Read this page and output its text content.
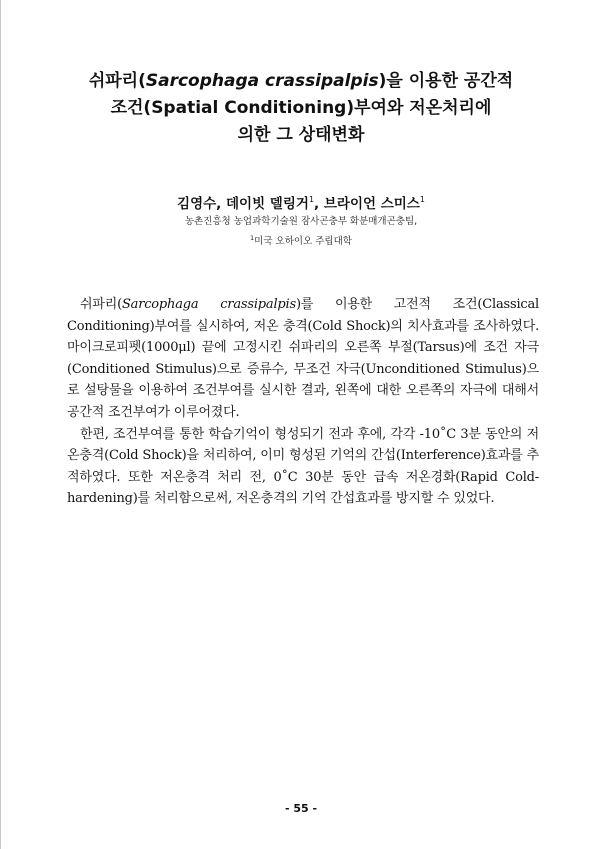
쉬파리(Sarcophaga crassipalpis)을 이용한 공간적
조건(Spatial Conditioning)부여와 저온처리에
의한 그 상태변화
김영수, 데이빗 델링거$^1$, 브라이언 스미스$^1$
농촌진흥청 농업과학기술원 잠사곤충부 화분매개곤충팀,
$^1$미국 오하이오 주립대학

쉬파리(Sarcophaga crassipalpis)를 이용한 고전적 조건(Classical Conditioning)부여를 실시하여, 저온 충격(Cold Shock)의 치사효과를 조사하였다. 마이크로피펫(1000μl) 끝에 고정시킨 쉬파리의 오른쪽 부절(Tarsus)에 조건 자극(Conditioned Stimulus)으로 증류수, 무조건 자극(Unconditioned Stimulus)으로 설탕물을 이용하여 조건부여를 실시한 결과, 왼쪽에 대한 오른쪽의 자극에 대해서 공간적 조건부여가 이루어졌다.

한편, 조건부여를 통한 학습기억이 형성되기 전과 후에, 각각 -10˚C 3분 동안의 저온충격(Cold Shock)을 처리하여, 이미 형성된 기억의 간섭(Interference)효과를 추적하였다. 또한 저온충격 처리 전, 0˚C 30분 동안 급속 저온경화(Rapid Cold-hardening)를 처리함으로써, 저온충격의 기억 간섭효과를 방지할 수 있었다.

- 55 -
